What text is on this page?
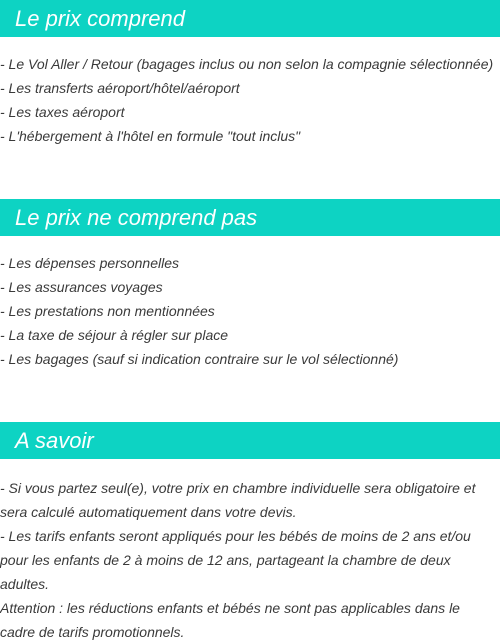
Le prix comprend
- Le Vol Aller / Retour (bagages inclus ou non selon la compagnie sélectionnée)
- Les transferts aéroport/hôtel/aéroport
- Les taxes aéroport
- L'hébergement à l'hôtel en formule "tout inclus"
Le prix ne comprend pas
- Les dépenses personnelles
- Les assurances voyages
- Les prestations non mentionnées
- La taxe de séjour à régler sur place
- Les bagages (sauf si indication contraire sur le vol sélectionné)
A savoir

- Si vous partez seul(e), votre prix en chambre individuelle sera obligatoire et sera calculé automatiquement dans votre devis.

- Les tarifs enfants seront appliqués pour les bébés de moins de 2 ans et/ou pour les enfants de 2 à moins de 12 ans, partageant la chambre de deux adultes.

Attention : les réductions enfants et bébés ne sont pas applicables dans le cadre de tarifs promotionnels.
